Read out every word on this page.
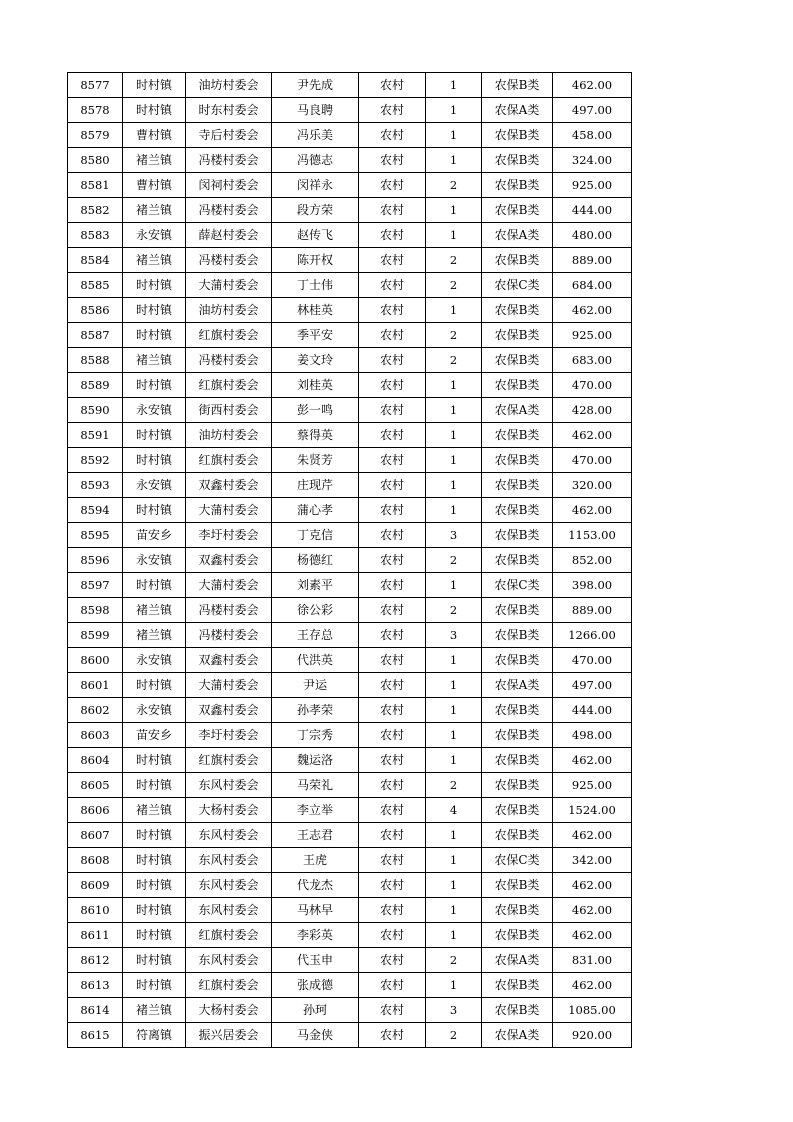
8577	时村镇	油坊村委会	尹先成	农村	1	农保B类	462.00
8578	时村镇	时东村委会	马良聘	农村	1	农保A类	497.00
8579	曹村镇	寺后村委会	冯乐美	农村	1	农保B类	458.00
8580	褚兰镇	冯楼村委会	冯德志	农村	1	农保B类	324.00
8581	曹村镇	闵祠村委会	闵祥永	农村	2	农保B类	925.00
8582	褚兰镇	冯楼村委会	段方荣	农村	1	农保B类	444.00
8583	永安镇	薛赵村委会	赵传飞	农村	1	农保A类	480.00
8584	褚兰镇	冯楼村委会	陈开权	农村	2	农保B类	889.00
8585	时村镇	大蒲村委会	丁士伟	农村	2	农保C类	684.00
8586	时村镇	油坊村委会	林桂英	农村	1	农保B类	462.00
8587	时村镇	红旗村委会	季平安	农村	2	农保B类	925.00
8588	褚兰镇	冯楼村委会	姜文玲	农村	2	农保B类	683.00
8589	时村镇	红旗村委会	刘桂英	农村	1	农保B类	470.00
8590	永安镇	街西村委会	彭一鸣	农村	1	农保A类	428.00
8591	时村镇	油坊村委会	蔡得英	农村	1	农保B类	462.00
8592	时村镇	红旗村委会	朱贤芳	农村	1	农保B类	470.00
8593	永安镇	双鑫村委会	庄现芹	农村	1	农保B类	320.00
8594	时村镇	大蒲村委会	蒲心孝	农村	1	农保B类	462.00
8595	苗安乡	李圩村委会	丁克信	农村	3	农保B类	1153.00
8596	永安镇	双鑫村委会	杨德红	农村	2	农保B类	852.00
8597	时村镇	大蒲村委会	刘素平	农村	1	农保C类	398.00
8598	褚兰镇	冯楼村委会	徐公彩	农村	2	农保B类	889.00
8599	褚兰镇	冯楼村委会	王存总	农村	3	农保B类	1266.00
8600	永安镇	双鑫村委会	代洪英	农村	1	农保B类	470.00
8601	时村镇	大蒲村委会	尹运	农村	1	农保A类	497.00
8602	永安镇	双鑫村委会	孙孝荣	农村	1	农保B类	444.00
8603	苗安乡	李圩村委会	丁宗秀	农村	1	农保B类	498.00
8604	时村镇	红旗村委会	魏运洛	农村	1	农保B类	462.00
8605	时村镇	东风村委会	马荣礼	农村	2	农保B类	925.00
8606	褚兰镇	大杨村委会	李立举	农村	4	农保B类	1524.00
8607	时村镇	东风村委会	王志君	农村	1	农保B类	462.00
8608	时村镇	东风村委会	王虎	农村	1	农保C类	342.00
8609	时村镇	东风村委会	代龙杰	农村	1	农保B类	462.00
8610	时村镇	东风村委会	马林早	农村	1	农保B类	462.00
8611	时村镇	红旗村委会	李彩英	农村	1	农保B类	462.00
8612	时村镇	东风村委会	代玉申	农村	2	农保A类	831.00
8613	时村镇	红旗村委会	张成德	农村	1	农保B类	462.00
8614	褚兰镇	大杨村委会	孙珂	农村	3	农保B类	1085.00
8615	符离镇	振兴居委会	马金侠	农村	2	农保A类	920.00
